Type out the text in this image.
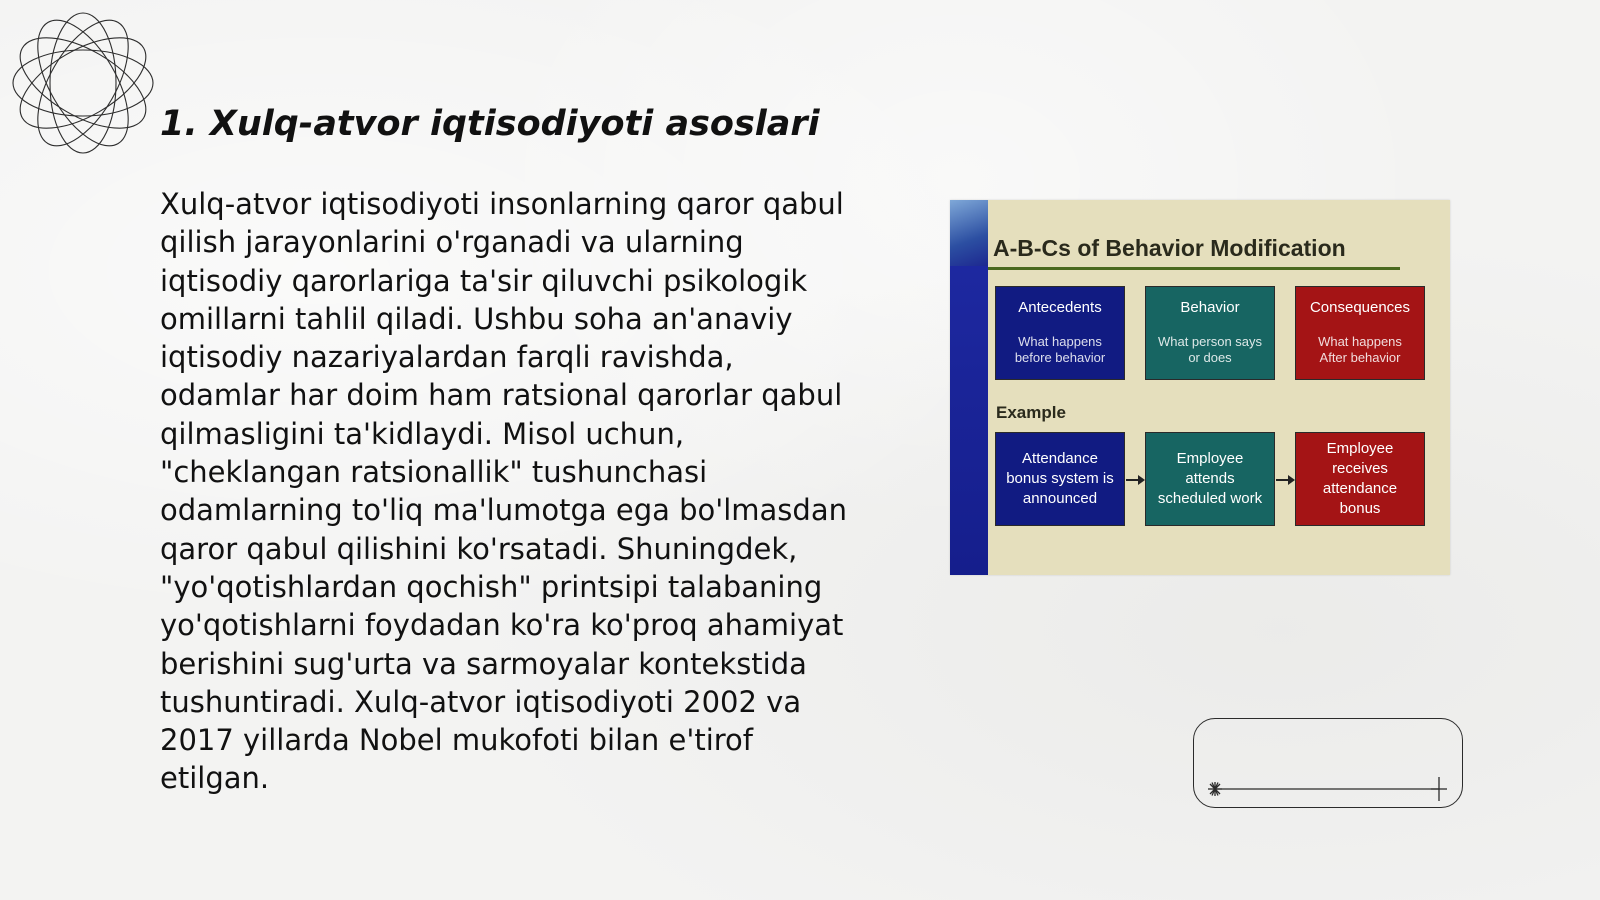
1. Xulq-atvor iqtisodiyoti asoslari

Xulq-atvor iqtisodiyoti insonlarning qaror qabul qilish jarayonlarini o'rganadi va ularning iqtisodiy qarorlariga ta'sir qiluvchi psikologik omillarni tahlil qiladi. Ushbu soha an'anaviy iqtisodiy nazariyalardan farqli ravishda, odamlar har doim ham ratsional qarorlar qabul qilmasligini ta'kidlaydi. Misol uchun, "cheklangan ratsionallik" tushunchasi odamlarning to'liq ma'lumotga ega bo'lmasdan qaror qabul qilishini ko'rsatadi. Shuningdek, "yo'qotishlardan qochish" printsipi talabaning yo'qotishlarni foydadan ko'ra ko'proq ahamiyat berishini sug'urta va sarmoyalar kontekstida tushuntiradi. Xulq-atvor iqtisodiyoti 2002 va 2017 yillarda Nobel mukofoti bilan e'tirof etilgan.

A-B-Cs of Behavior Modification
Antecedents
What happens before behavior
Behavior
What person says or does
Consequences
What happens After behavior
Example
Attendance bonus system is announced
Employee attends scheduled work
Employee receives attendance bonus
